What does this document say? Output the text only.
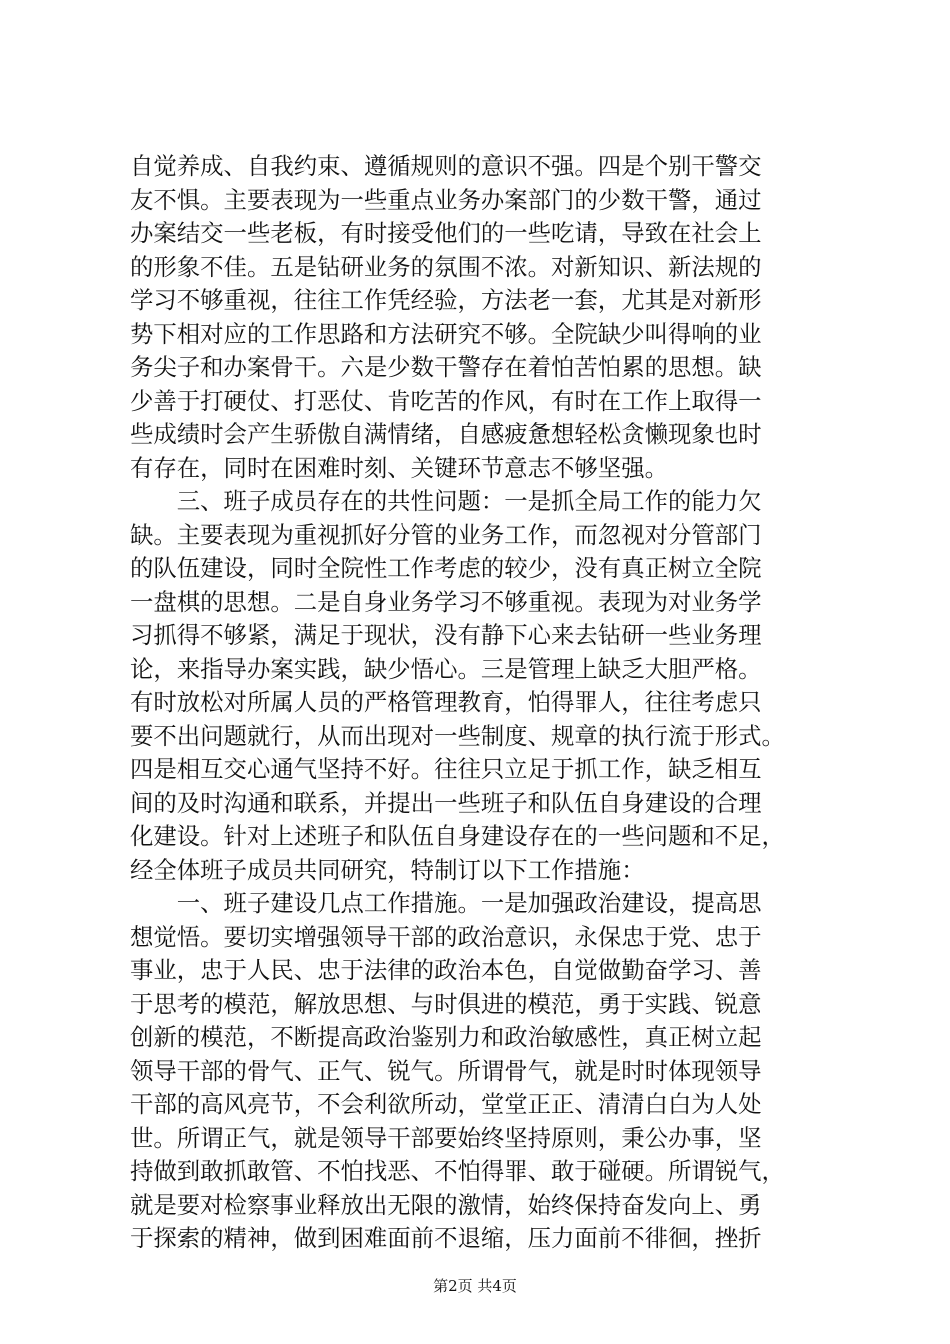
自觉养成、自我约束、遵循规则的意识不强。四是个别干警交
友不惧。主要表现为一些重点业务办案部门的少数干警，通过
办案结交一些老板，有时接受他们的一些吃请，导致在社会上
的形象不佳。五是钻研业务的氛围不浓。对新知识、新法规的
学习不够重视，往往工作凭经验，方法老一套，尤其是对新形
势下相对应的工作思路和方法研究不够。全院缺少叫得响的业
务尖子和办案骨干。六是少数干警存在着怕苦怕累的思想。缺
少善于打硬仗、打恶仗、肯吃苦的作风，有时在工作上取得一
些成绩时会产生骄傲自满情绪，自感疲惫想轻松贪懒现象也时
有存在，同时在困难时刻、关键环节意志不够坚强。
　　三、班子成员存在的共性问题：一是抓全局工作的能力欠
缺。主要表现为重视抓好分管的业务工作，而忽视对分管部门
的队伍建设，同时全院性工作考虑的较少，没有真正树立全院
一盘棋的思想。二是自身业务学习不够重视。表现为对业务学
习抓得不够紧，满足于现状，没有静下心来去钻研一些业务理
论，来指导办案实践，缺少悟心。三是管理上缺乏大胆严格。
有时放松对所属人员的严格管理教育，怕得罪人，往往考虑只
要不出问题就行，从而出现对一些制度、规章的执行流于形式。
四是相互交心通气坚持不好。往往只立足于抓工作，缺乏相互
间的及时沟通和联系，并提出一些班子和队伍自身建设的合理
化建设。针对上述班子和队伍自身建设存在的一些问题和不足，
经全体班子成员共同研究，特制订以下工作措施：
　　一、班子建设几点工作措施。一是加强政治建设，提高思
想觉悟。要切实增强领导干部的政治意识，永保忠于党、忠于
事业，忠于人民、忠于法律的政治本色，自觉做勤奋学习、善
于思考的模范，解放思想、与时俱进的模范，勇于实践、锐意
创新的模范，不断提高政治鉴别力和政治敏感性，真正树立起
领导干部的骨气、正气、锐气。所谓骨气，就是时时体现领导
干部的高风亮节，不会利欲所动，堂堂正正、清清白白为人处
世。所谓正气，就是领导干部要始终坚持原则，秉公办事，坚
持做到敢抓敢管、不怕找恶、不怕得罪、敢于碰硬。所谓锐气，
就是要对检察事业释放出无限的激情，始终保持奋发向上、勇
于探索的精神，做到困难面前不退缩，压力面前不徘徊，挫折
第2页 共4页
